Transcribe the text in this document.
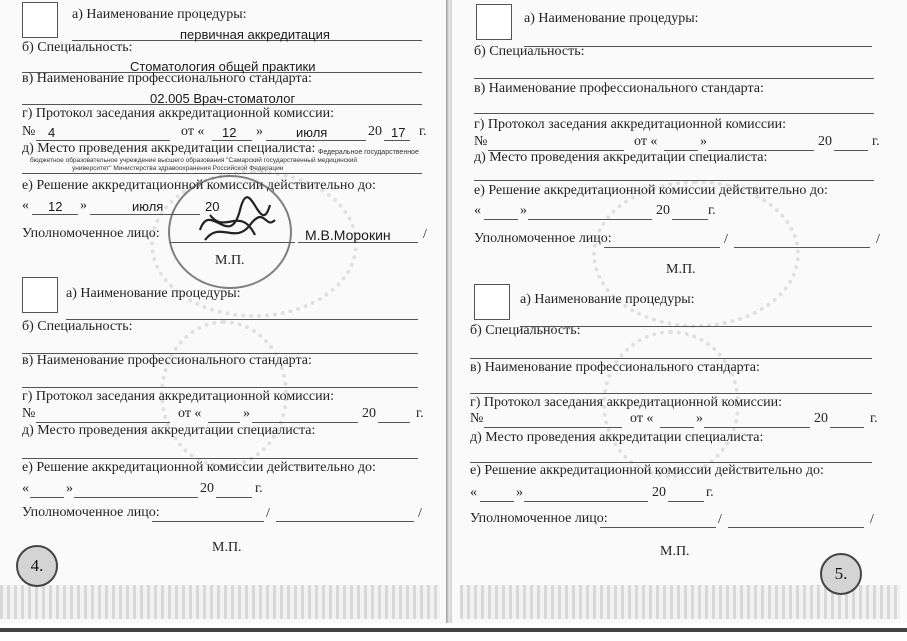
а) Наименование процедуры:
первичная аккредитация
б) Специальность:
Стоматология общей практики
в) Наименование профессионального стандарта:
02.005 Врач-стоматолог
г) Протокол заседания аккредитационной комиссии:
№ 4	от « 12 »	июля	20 17 г.
д) Место проведения аккредитации специалиста: Федеральное государственное
бюджетное образовательное учреждение высшего образования "Самарский государственный медицинский
университет" Министерства здравоохранения Российской Федерации
е) Решение аккредитационной комиссии действительно до:
« 12 »	июля	20
Уполномоченное лицо:	М.В.Морокин /
М.П.
а) Наименование процедуры:
б) Специальность:
в) Наименование профессионального стандарта:
г) Протокол заседания аккредитационной комиссии:
№	от «	»	20	г.
д) Место проведения аккредитации специалиста:
е) Решение аккредитационной комиссии действительно до:
«	»	20	г.
Уполномоченное лицо:	/	/
М.П.
4.
а) Наименование процедуры:
б) Специальность:
в) Наименование профессионального стандарта:
г) Протокол заседания аккредитационной комиссии:
№	от «	»	20	г.
д) Место проведения аккредитации специалиста:
е) Решение аккредитационной комиссии действительно до:
«	»	20	г.
Уполномоченное лицо:	/	/
М.П.
а) Наименование процедуры:
б) Специальность:
в) Наименование профессионального стандарта:
г) Протокол заседания аккредитационной комиссии:
№	от «	»	20	г.
д) Место проведения аккредитации специалиста:
е) Решение аккредитационной комиссии действительно до:
«	»	20	г.
Уполномоченное лицо:	/	/
М.П.
5.
